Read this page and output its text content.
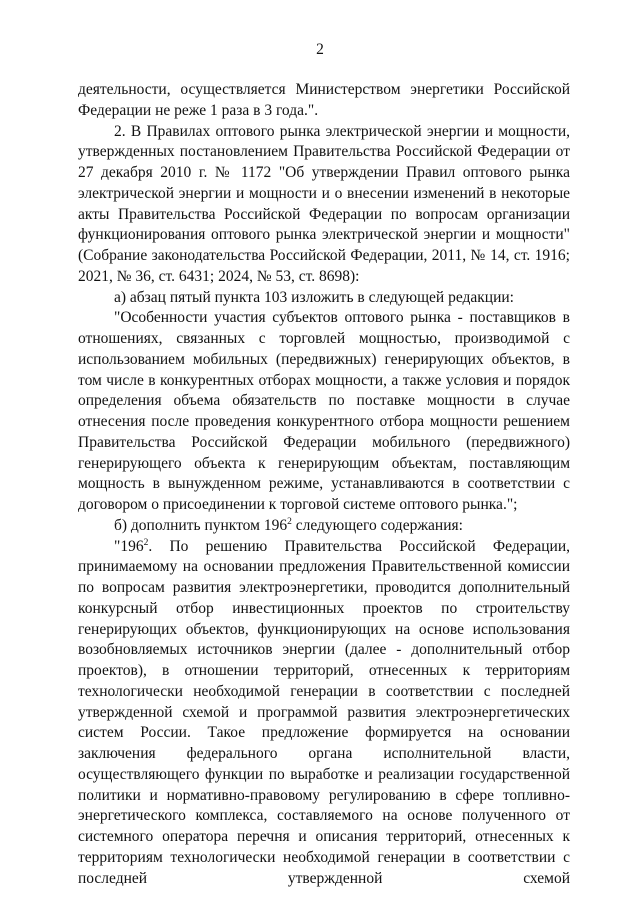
2

деятельности, осуществляется Министерством энергетики Российской Федерации не реже 1 раза в 3 года.".

2. В Правилах оптового рынка электрической энергии и мощности, утвержденных постановлением Правительства Российской Федерации от 27 декабря 2010 г. № 1172 "Об утверждении Правил оптового рынка электрической энергии и мощности и о внесении изменений в некоторые акты Правительства Российской Федерации по вопросам организации функционирования оптового рынка электрической энергии и мощности" (Собрание законодательства Российской Федерации, 2011, № 14, ст. 1916; 2021, № 36, ст. 6431; 2024, № 53, ст. 8698):

а) абзац пятый пункта 103 изложить в следующей редакции:

"Особенности участия субъектов оптового рынка - поставщиков в отношениях, связанных с торговлей мощностью, производимой с использованием мобильных (передвижных) генерирующих объектов, в том числе в конкурентных отборах мощности, а также условия и порядок определения объема обязательств по поставке мощности в случае отнесения после проведения конкурентного отбора мощности решением Правительства Российской Федерации мобильного (передвижного) генерирующего объекта к генерирующим объектам, поставляющим мощность в вынужденном режиме, устанавливаются в соответствии с договором о присоединении к торговой системе оптового рынка.";

б) дополнить пунктом $196^2$ следующего содержания:

"$196^2$. По решению Правительства Российской Федерации, принимаемому на основании предложения Правительственной комиссии по вопросам развития электроэнергетики, проводится дополнительный конкурсный отбор инвестиционных проектов по строительству генерирующих объектов, функционирующих на основе использования возобновляемых источников энергии (далее - дополнительный отбор проектов), в отношении территорий, отнесенных к территориям технологически необходимой генерации в соответствии с последней утвержденной схемой и программой развития электроэнергетических систем России. Такое предложение формируется на основании заключения федерального органа исполнительной власти, осуществляющего функции по выработке и реализации государственной политики и нормативно-правовому регулированию в сфере топливно-энергетического комплекса, составляемого на основе полученного от системного оператора перечня и описания территорий, отнесенных к территориям технологически необходимой генерации в соответствии с последней утвержденной схемой
